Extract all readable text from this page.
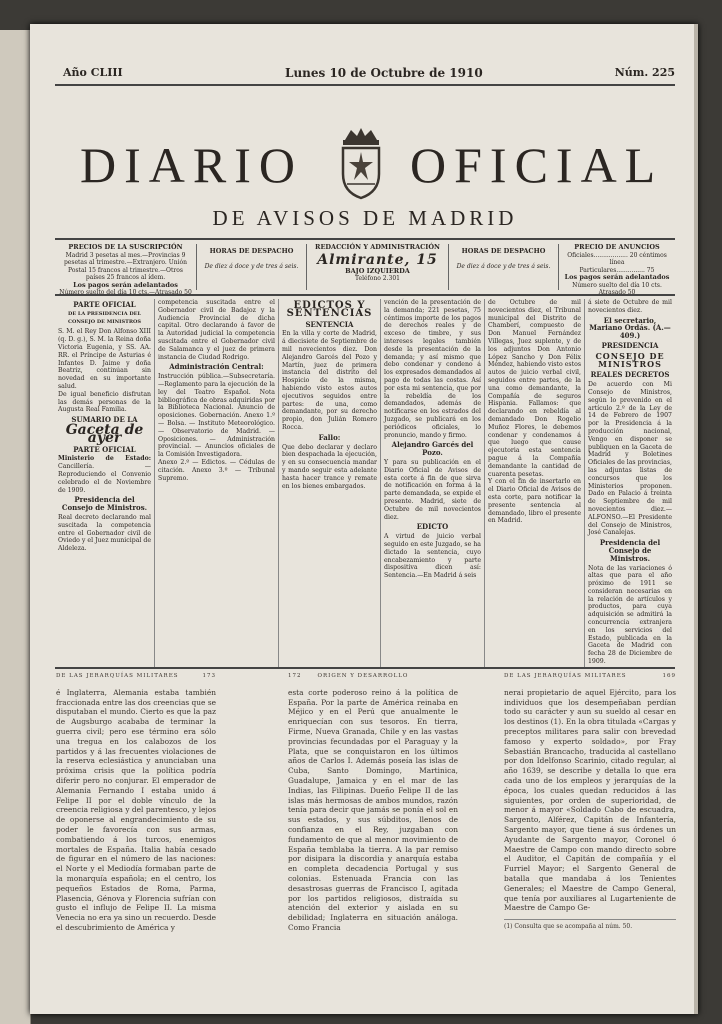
Año CLIII	Lunes 10 de Octubre de 1910	Núm. 225
DIARIO OFICIAL
DE AVISOS DE MADRID
PRECIOS DE LA SUSCRIPCIÓN
Madrid 3 pesetas al mes.—Provincias 9 pesetas al trimestre.—Extranjero. Unión Postal 15 francos al trimestre.—Otros países 25 francos al ídem.

Los pagos serán adelantados
Número suelto del día 10 cts.—Atrasado 50
HORAS DE DESPACHO

De diez á doce y de tres á seis.
REDACCIÓN Y ADMINISTRACIÓN
Almirante, 15

BAJO IZQUIERDA
Teléfono 2.301
HORAS DE DESPACHO

De diez á doce y de tres á seis.
PRECIO DE ANUNCIOS
Oficiales.................. 20 céntimos línea
Particulares............... 75

Los pagos serán adelantados
Número suelto del día 10 cts. Atrasado 50
PARTE OFICIAL
DE LA PRESIDENCIA DEL CONSEJO DE MINISTROS
S. M. el Rey Don Alfonso XIII (q. D. g.), S. M. la Reina doña Victoria Eugenia, y SS. AA. RR. el Príncipe de Asturias é Infantes D. Jaime y doña Beatriz, continúan sin novedad en su importante salud.
De igual beneficio disfrutan las demás personas de la Augusta Real Familia.
SUMARIO DE LA
Gaceta de ayer
PARTE OFICIAL
Ministerio de Estado: Cancillería. — Reproduciendo el Convenio celebrado el de Noviembre de 1909.
Presidencia del Consejo de Ministros.
Real decreto declarando mal suscitada la competencia entre el Gobernador civil de Oviedo y el Juez municipal de Aldeleza.
competencia suscitada entre el Gobernador civil de Badajoz y la Audiencia Provincial de dicha capital. Otro declarando á favor de la Autoridad judicial la competencia suscitada entre el Gobernador civil de Salamanca y el juez de primera instancia de Ciudad Rodrigo.
Administración Central:
Instrucción pública.—Subsecretaría.—Reglamento para la ejecución de la ley del Teatro Español. Nota bibliográfica de obras adquiridas por la Biblioteca Nacional. Anuncio de oposiciones. Gobernación. Anexo 1.º — Bolsa. — Instituto Meteorológico. — Observatorio de Madrid. — Oposiciones. — Administración provincial. — Anuncios oficiales de la Comisión Investigadora.
Anexo 2.º — Edictos. — Cédulas de citación. Anexo 3.º — Tribunal Supremo.
EDICTOS Y SENTENCIAS
SENTENCIA
En la villa y corte de Madrid, á diecisiete de Septiembre de mil novecientos diez. Don Alejandro Garcés del Pozo y Martín, juez de primera instancia del distrito del Hospicio de la misma, habiendo visto estos autos ejecutivos seguidos entre partes: de una, como demandante, por su derecho propio, don Julián Romero Rocca.
Fallo:
Que debo declarar y declaro bien despachada la ejecución, y en su consecuencia mandar y mando seguir esta adelante hasta hacer trance y remate en los bienes embargados.
vención de la presentación de la demanda; 221 pesetas, 75 céntimos importe de los pagos de derechos reales y de exceso de timbre, y sus intereses legales también desde la presentación de la demanda; y así mismo que debo condenar y condeno á los expresados demandados al pago de todas las costas. Así por esta mi sentencia, que por la rebeldía de los demandados, además de notificarse en los estrados del Juzgado, se publicará en los periódicos oficiales, lo pronuncio, mando y firmo.
Alejandro Garcés del Pozo.
Y para su publicación en el Diario Oficial de Avisos de esta corte á fin de que sirva de notificación en forma á la parte demandada, se expide el presente. Madrid, siete de Octubre de mil novecientos diez.
EDICTO
A virtud de juicio verbal seguido en este Juzgado, se ha dictado la sentencia, cuyo encabezamiento y parte dispositiva dicen así: Sentencia.—En Madrid á seis
de Octubre de mil novecientos diez, el Tribunal municipal del Distrito de Chamberí, compuesto de Don Manuel Fernández Villegas, Juez suplente, y de los adjuntos Don Antonio López Sancho y Don Félix Méndez, habiendo visto estos autos de juicio verbal civil, seguidos entre partes, de la una como demandante, la Compañía de seguros Hispania. Fallamos: que declarando en rebeldía al demandado Don Rogelio Muñoz Flores, le debemos condenar y condenamos á que luego que cause ejecutoria esta sentencia pague á la Compañía demandante la cantidad de cuarenta pesetas.
Y con el fin de insertarlo en el Diario Oficial de Avisos de esta corte, para notificar la presente sentencia al demandado, libro el presente en Madrid.
á siete de Octubre de mil novecientos diez.
El secretario, Mariano Ordás. (A.—409.)
PRESIDENCIA
CONSEJO DE MINISTROS
REALES DECRETOS
De acuerdo con Mi Consejo de Ministros, según lo prevenido en el artículo 2.º de la Ley de 14 de Febrero de 1907 por la Presidencia á la producción nacional, Vengo en disponer se publiquen en la Gaceta de Madrid y Boletines Oficiales de las provincias, las adjuntas listas de concursos que los Ministerios proponen. Dado en Palacio á treinta de Septiembre de mil novecientos diez.—ALFONSO.—El Presidente del Consejo de Ministros, José Canalejas.
Presidencia del Consejo de Ministros.
Nota de las variaciones ó altas que para el año próximo de 1911 se consideran necesarias en la relación de artículos y productos, para cuya adquisición se admitirá la concurrencia extranjera en los servicios del Estado, publicada en la Gaceta de Madrid con fecha 28 de Diciembre de 1909.
DE LAS JERARQUÍAS MILITARES	173
é Inglaterra, Alemania estaba también fraccionada entre las dos creencias que se disputaban el mundo. Cierto es que la paz de Augsburgo acababa de terminar la guerra civil; pero ese término era sólo una tregua en los calabozos de los partidos y á las frecuentes violaciones de la reserva eclesiástica y anunciaban una próxima crisis que la política podría diferir pero no conjurar. El emperador de Alemania Fernando I estaba unido á Felipe II por el doble vínculo de la creencia religiosa y del parentesco, y lejos de oponerse al engrandecimiento de su poder le favorecía con sus armas, combatiendo á los turcos, enemigos mortales de España. Italia había cesado de figurar en el número de las naciones: el Norte y el Mediodía formaban parte de la monarquía española; en el centro, los pequeños Estados de Roma, Parma, Plasencia, Génova y Florencia sufrían con gusto el influjo de Felipe II. La misma Venecia no era ya sino un recuerdo. Desde el descubrimiento de América y
172	ORIGEN Y DESARROLLO
esta corte poderoso reino á la política de España. Por la parte de América reinaba en Méjico y en el Perú que anualmente le enriquecían con sus tesoros. En tierra, Firme, Nueva Granada, Chile y en las vastas provincias fecundadas por el Paraguay y la Plata, que se conquistaron en los últimos años de Carlos I. Además poseía las islas de Cuba, Santo Domingo, Martinica, Guadalupe, Jamaica y en el mar de las Indias, las Filipinas. Dueño Felipe II de las islas más hermosas de ambos mundos, razón tenía para decir que jamás se ponía el sol en sus estados, y sus súbditos, llenos de confianza en el Rey, juzgaban con fundamento de que al menor movimiento de España temblaba la tierra. A la par remiso por disipara la discordia y anarquía estaba en completa decadencia Portugal y sus colonias. Estenuada Francia con las desastrosas guerras de Francisco I, agitada por los partidos religiosos, distraída su atención del exterior y aislada en su debilidad; Inglaterra en situación análoga. Como Francia
DE LAS JERARQUÍAS MILITARES	169
nerai propietario de aquel Ejército, para los individuos que los desempeñaban perdían todo su carácter y aun su sueldo al cesar en los destinos (1). En la obra titulada «Cargas y preceptos militares para salir con brevedad famoso y experto soldado», por Fray Sebastián Brancacho, traducida al castellano por don Idelfonso Scarinio, citado regular, al año 1639, se describe y detalla lo que era cada uno de los empleos y jerarquías de la época, los cuales quedan reducidos á las siguientes, por orden de superioridad, de menor á mayor «Soldado Cabo de escuadra, Sargento, Alférez, Capitán de Infantería, Sargento mayor, que tiene á sus órdenes un Ayudante de Sargento mayor, Coronel ó Maestre de Campo con mando directo sobre el Auditor, el Capitán de compañía y el Furriel Mayor; el Sargento General de batalla que mandaba á los Tenientes Generales; el Maestre de Campo General, que tenía por auxiliares al Lugarteniente de Maestre de Campo Ge-
(1) Consulta que se acompaña al núm. 50.
